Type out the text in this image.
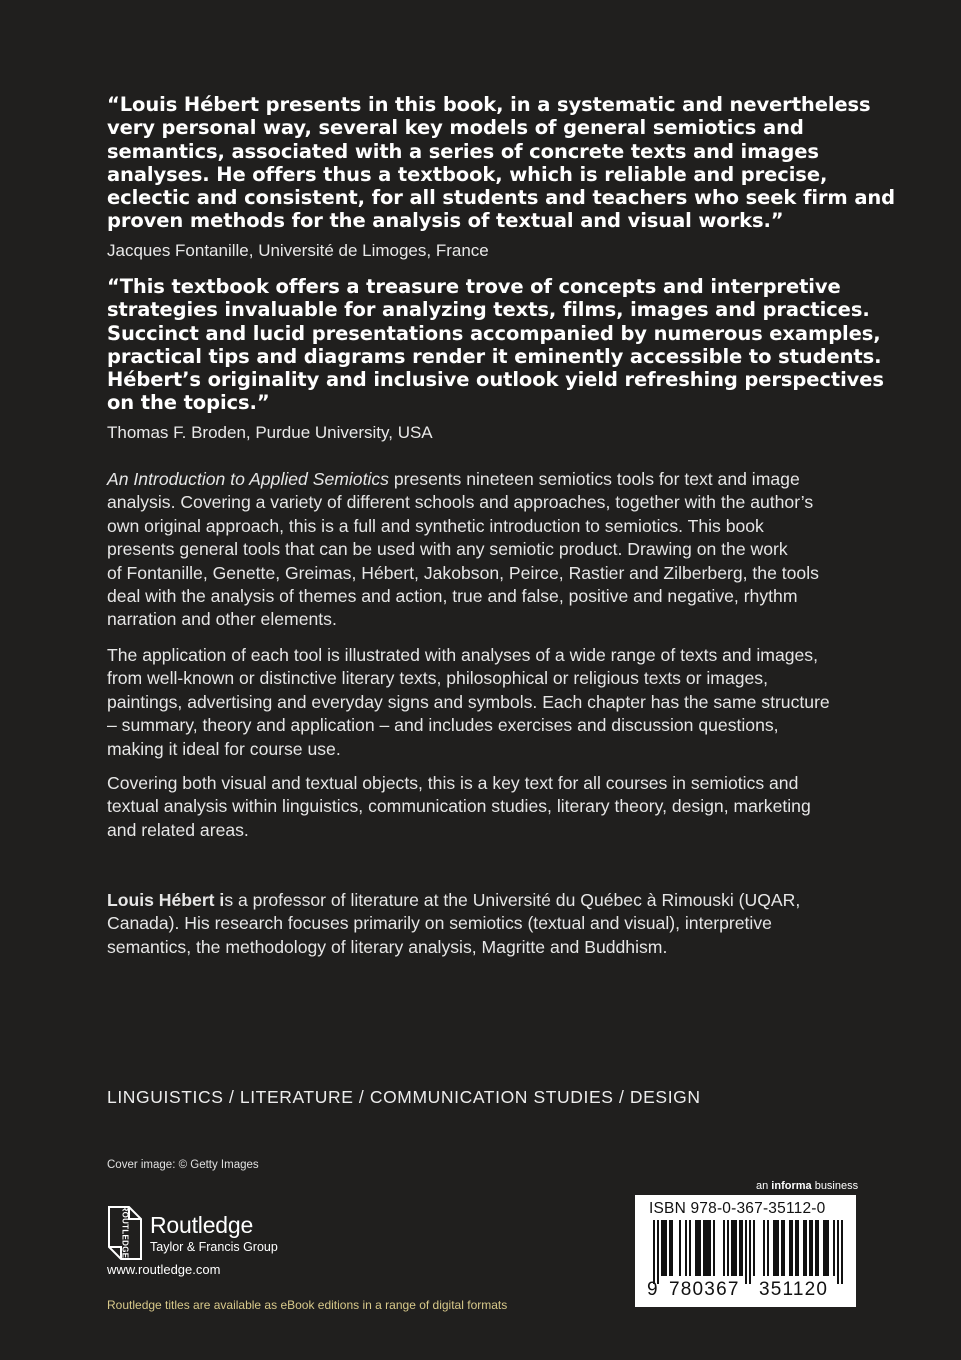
“Louis Hébert presents in this book, in a systematic and nevertheless
very personal way, several key models of general semiotics and
semantics, associated with a series of concrete texts and images
analyses. He offers thus a textbook, which is reliable and precise,
eclectic and consistent, for all students and teachers who seek firm and
proven methods for the analysis of textual and visual works.”

Jacques Fontanille, Université de Limoges, France

“This textbook offers a treasure trove of concepts and interpretive
strategies invaluable for analyzing texts, films, images and practices.
Succinct and lucid presentations accompanied by numerous examples,
practical tips and diagrams render it eminently accessible to students.
Hébert’s originality and inclusive outlook yield refreshing perspectives
on the topics.”

Thomas F. Broden, Purdue University, USA

An Introduction to Applied Semiotics presents nineteen semiotics tools for text and image
analysis. Covering a variety of different schools and approaches, together with the author’s
own original approach, this is a full and synthetic introduction to semiotics. This book
presents general tools that can be used with any semiotic product. Drawing on the work
of Fontanille, Genette, Greimas, Hébert, Jakobson, Peirce, Rastier and Zilberberg, the tools
deal with the analysis of themes and action, true and false, positive and negative, rhythm
narration and other elements.

The application of each tool is illustrated with analyses of a wide range of texts and images,
from well-known or distinctive literary texts, philosophical or religious texts or images,
paintings, advertising and everyday signs and symbols. Each chapter has the same structure
– summary, theory and application – and includes exercises and discussion questions,
making it ideal for course use.

Covering both visual and textual objects, this is a key text for all courses in semiotics and
textual analysis within linguistics, communication studies, literary theory, design, marketing
and related areas.

Louis Hébert is a professor of literature at the Université du Québec à Rimouski (UQAR,
Canada). His research focuses primarily on semiotics (textual and visual), interpretive
semantics, the methodology of literary analysis, Magritte and Buddhism.

LINGUISTICS / LITERATURE / COMMUNICATION STUDIES / DESIGN

Cover image: © Getty Images

ROUTLEDGE Routledge
Taylor & Francis Group

www.routledge.com

Routledge titles are available as eBook editions in a range of digital formats

an informa business

ISBN 978-0-367-35112-0
9 780367 351120
